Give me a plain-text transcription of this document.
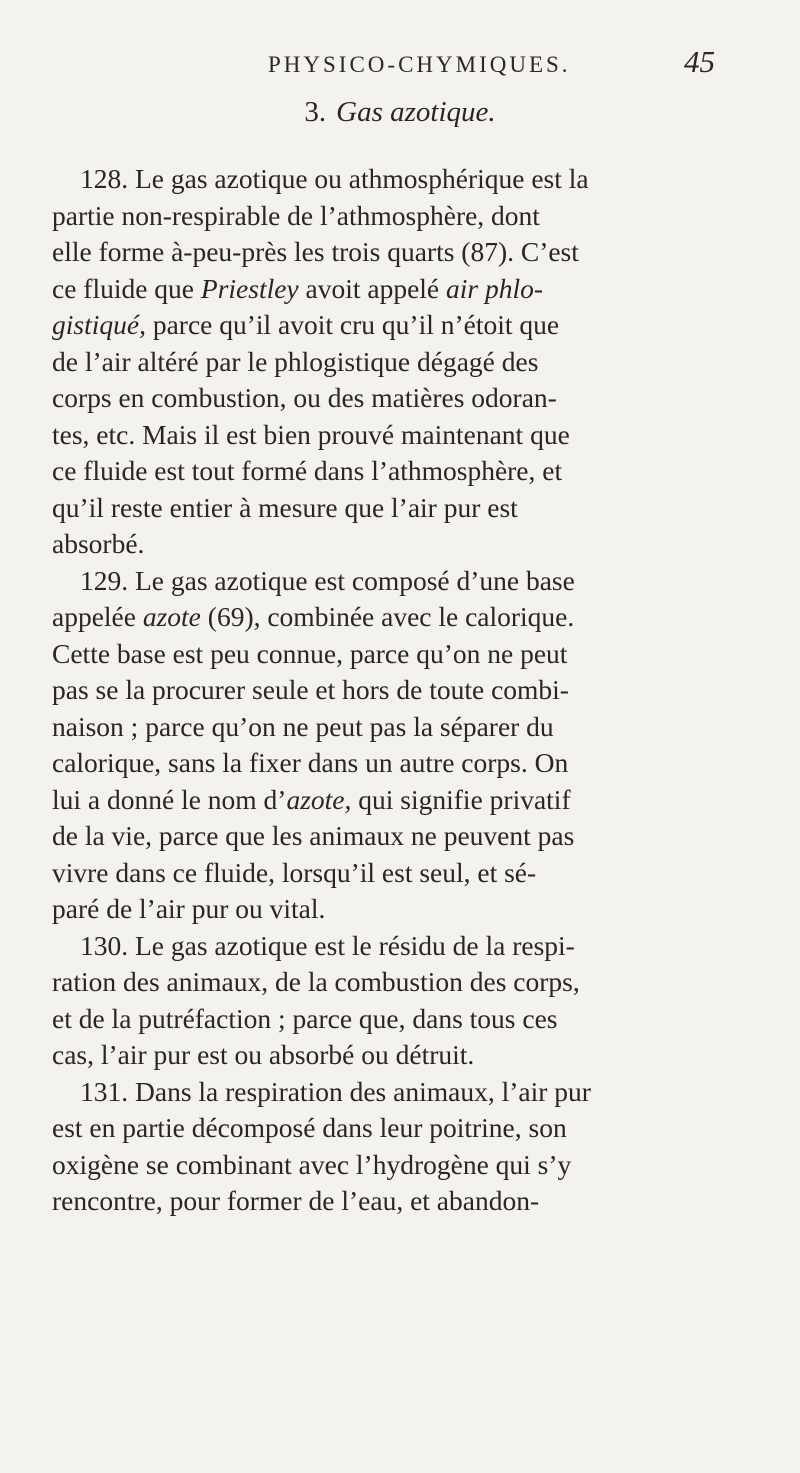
PHYSICO-CHYMIQUES.	45
3. Gas azotique.
128. Le gas azotique ou athmosphérique est la
partie non-respirable de l’athmosphère, dont
elle forme à-peu-près les trois quarts (87). C’est
ce fluide que Priestley avoit appelé air phlo-
gistiqué, parce qu’il avoit cru qu’il n’étoit que
de l’air altéré par le phlogistique dégagé des
corps en combustion, ou des matières odoran-
tes, etc. Mais il est bien prouvé maintenant que
ce fluide est tout formé dans l’athmosphère, et
qu’il reste entier à mesure que l’air pur est
absorbé.
129. Le gas azotique est composé d’une base
appelée azote (69), combinée avec le calorique.
Cette base est peu connue, parce qu’on ne peut
pas se la procurer seule et hors de toute combi-
naison ; parce qu’on ne peut pas la séparer du
calorique, sans la fixer dans un autre corps. On
lui a donné le nom d’azote, qui signifie privatif
de la vie, parce que les animaux ne peuvent pas
vivre dans ce fluide, lorsqu’il est seul, et sé-
paré de l’air pur ou vital.
130. Le gas azotique est le résidu de la respi-
ration des animaux, de la combustion des corps,
et de la putréfaction ; parce que, dans tous ces
cas, l’air pur est ou absorbé ou détruit.
131. Dans la respiration des animaux, l’air pur
est en partie décomposé dans leur poitrine, son
oxigène se combinant avec l’hydrogène qui s’y
rencontre, pour former de l’eau, et abandon-
